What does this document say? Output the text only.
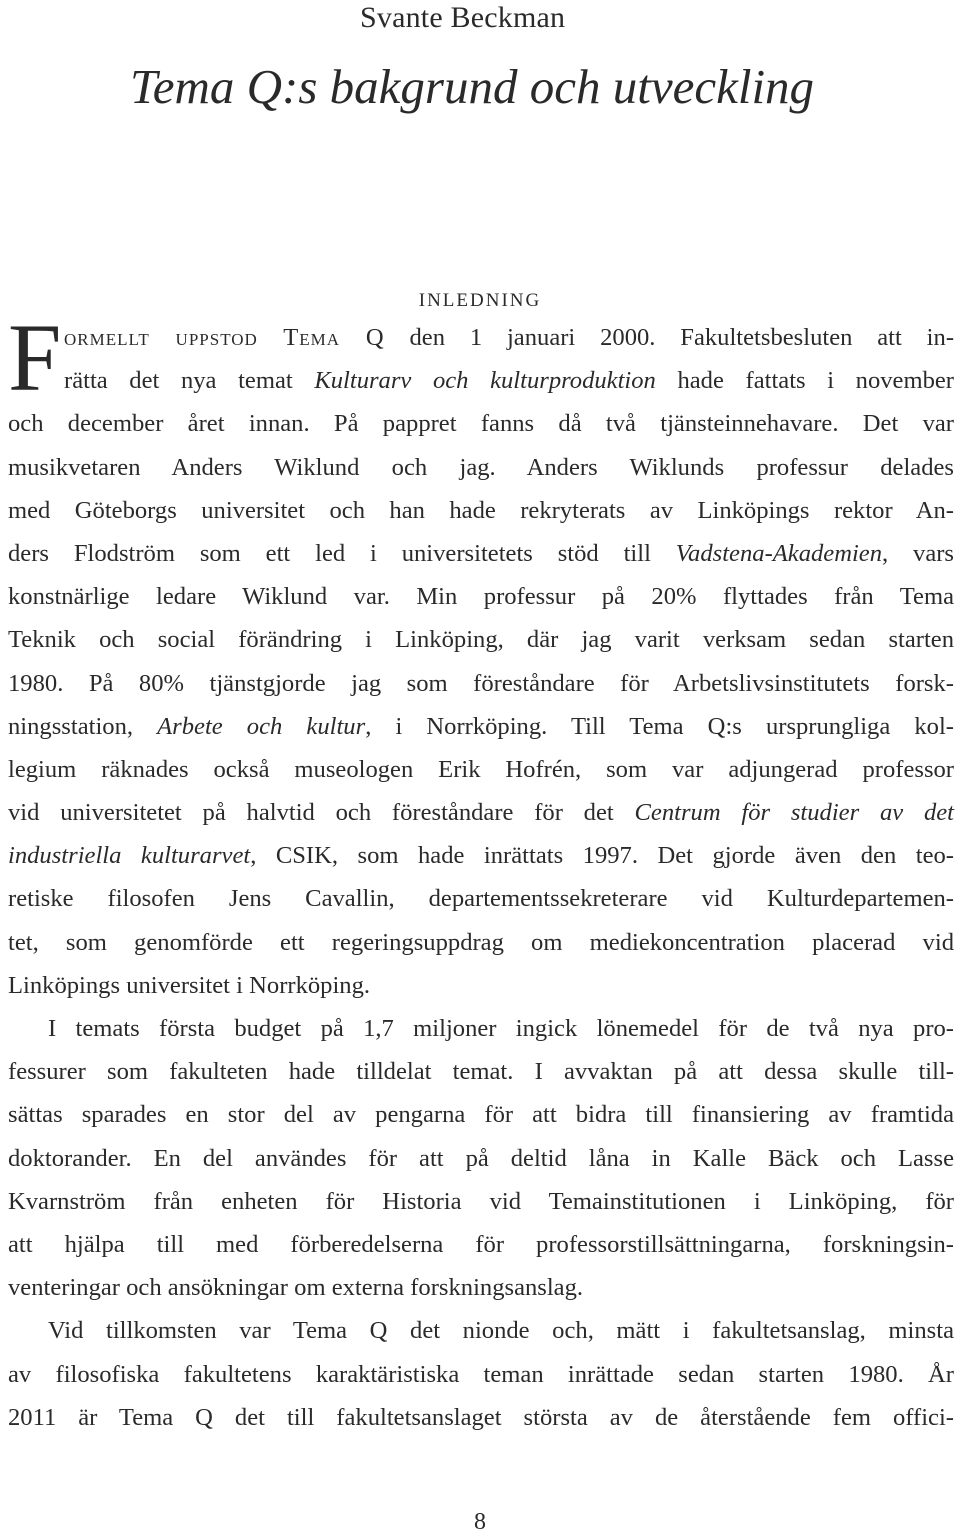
Svante Beckman
Tema Q:s bakgrund och utveckling
inledning
F ormellt uppstod Tema Q den 1 januari 2000. Fakultetsbesluten att in-
rätta det nya temat Kulturarv och kulturproduktion hade fattats i november
och december året innan. På pappret fanns då två tjänsteinnehavare. Det var
musikvetaren Anders Wiklund och jag. Anders Wiklunds professur delades
med Göteborgs universitet och han hade rekryterats av Linköpings rektor An-
ders Flodström som ett led i universitetets stöd till Vadstena-Akademien, vars
konstnärlige ledare Wiklund var. Min professur på 20% flyttades från Tema
Teknik och social förändring i Linköping, där jag varit verksam sedan starten
1980. På 80% tjänstgjorde jag som föreståndare för Arbetslivsinstitutets forsk-
ningsstation, Arbete och kultur, i Norrköping. Till Tema Q:s ursprungliga kol-
legium räknades också museologen Erik Hofrén, som var adjungerad professor
vid universitetet på halvtid och föreståndare för det Centrum för studier av det
industriella kulturarvet, CSIK, som hade inrättats 1997. Det gjorde även den teo-
retiske filosofen Jens Cavallin, departementssekreterare vid Kulturdepartemen-
tet, som genomförde ett regeringsuppdrag om mediekoncentration placerad vid
Linköpings universitet i Norrköping.
I temats första budget på 1,7 miljoner ingick lönemedel för de två nya pro-
fessurer som fakulteten hade tilldelat temat. I avvaktan på att dessa skulle till-
sättas sparades en stor del av pengarna för att bidra till finansiering av framtida
doktorander. En del användes för att på deltid låna in Kalle Bäck och Lasse
Kvarnström från enheten för Historia vid Temainstitutionen i Linköping, för
att hjälpa till med förberedelserna för professorstillsättningarna, forskningsin-
venteringar och ansökningar om externa forskningsanslag.
Vid tillkomsten var Tema Q det nionde och, mätt i fakultetsanslag, minsta
av filosofiska fakultetens karaktäristiska teman inrättade sedan starten 1980. År
2011 är Tema Q det till fakultetsanslaget största av de återstående fem offici-
8
